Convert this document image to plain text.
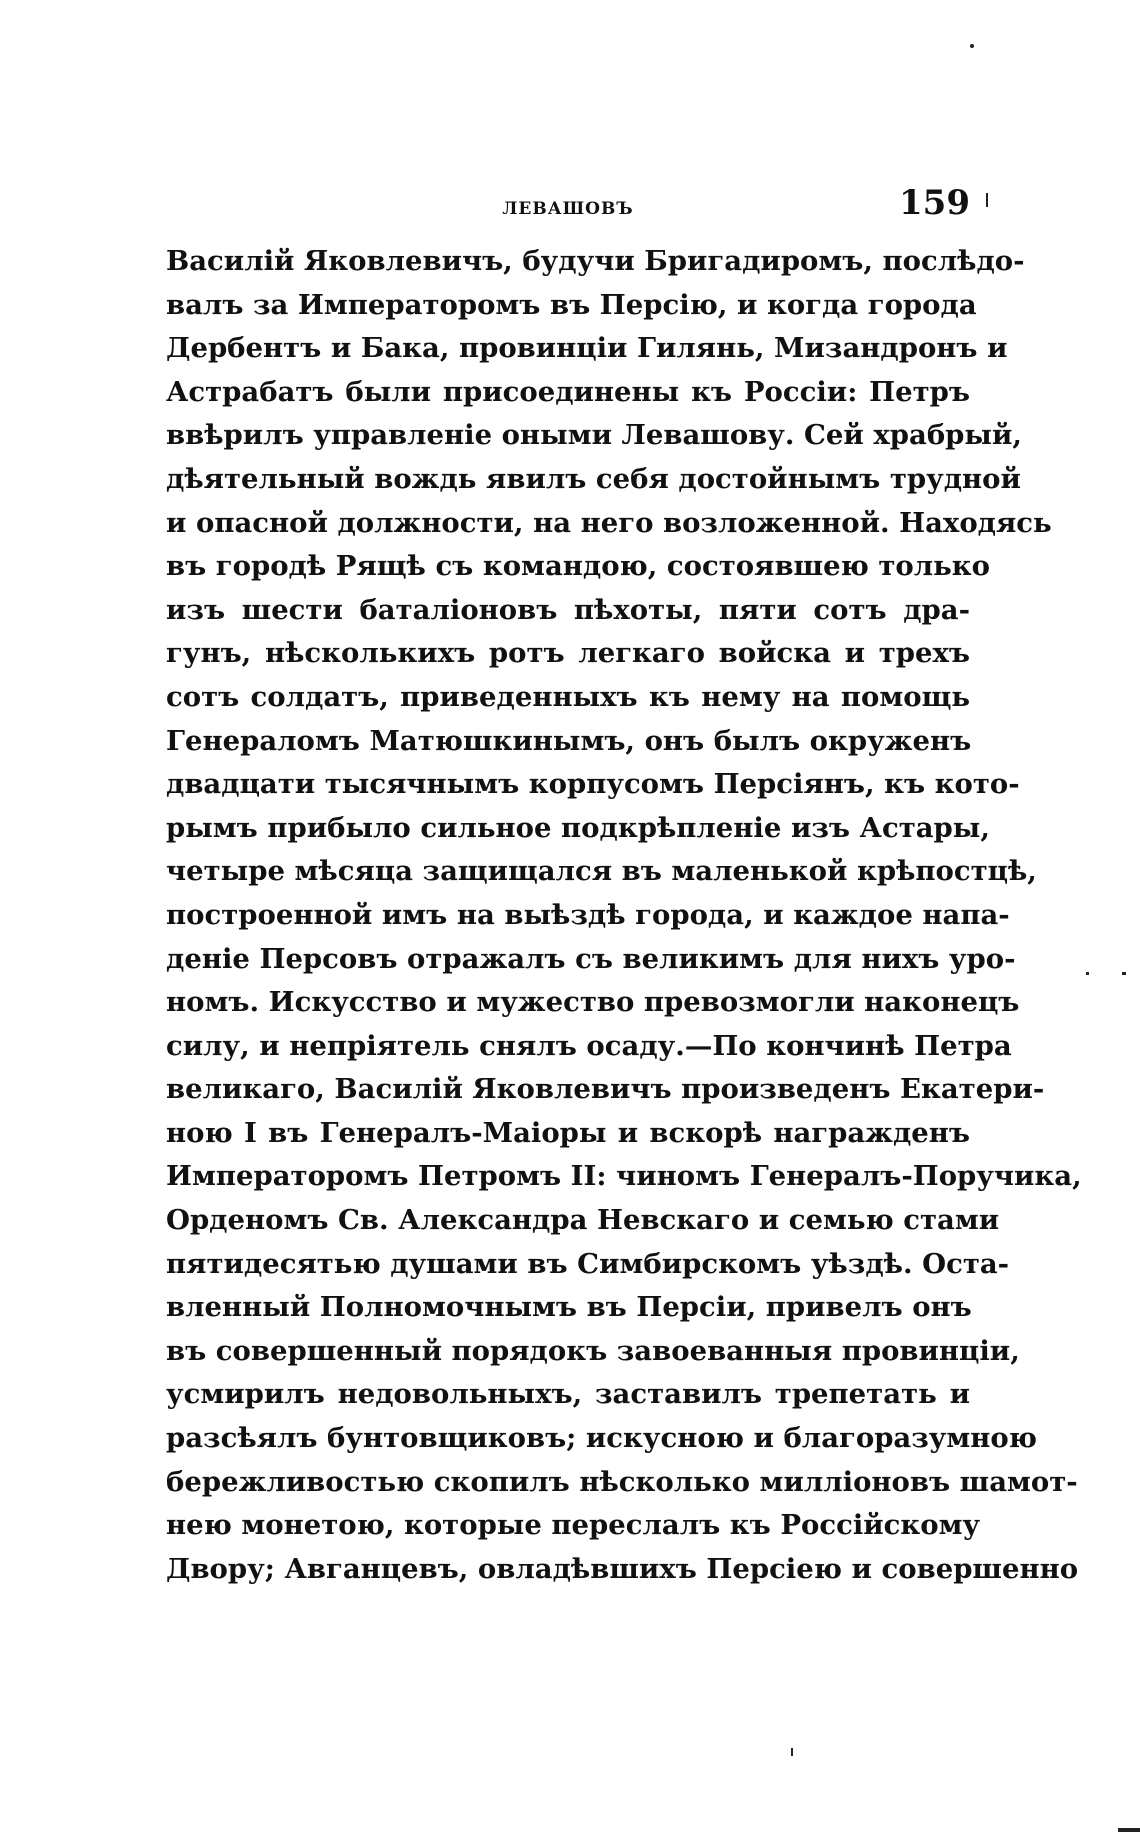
левашовъ	159
Василій Яковлевичъ, будучи Бригадиромъ, послѣдо-
валъ за Императоромъ въ Персію, и когда города
Дербентъ и Бака, провинціи Гилянь, Мизандронъ и
Астрабатъ были присоединены къ Россіи: Петръ
ввѣрилъ управленіе оными Левашову. Сей храбрый,
дѣятельный вождь явилъ себя достойнымъ трудной
и опасной должности, на него возложенной. Находясь
въ городѣ Рящѣ съ командою, состоявшею только
изъ шести баталіоновъ пѣхоты, пяти сотъ дра-
гунъ, нѣсколькихъ ротъ легкаго войска и трехъ
сотъ солдатъ, приведенныхъ къ нему на помощь
Генераломъ Матюшкинымъ, онъ былъ окруженъ
двадцати тысячнымъ корпусомъ Персіянъ, къ кото-
рымъ прибыло сильное подкрѣпленіе изъ Астары,
четыре мѣсяца защищался въ маленькой крѣпостцѣ,
построенной имъ на выѣздѣ города, и каждое напа-
деніе Персовъ отражалъ съ великимъ для нихъ уро-
номъ. Искусство и мужество превозмогли наконецъ
силу, и непріятель снялъ осаду.—По кончинѣ Петра
великаго, Василій Яковлевичъ произведенъ Екатери-
ною I въ Генералъ-Маіоры и вскорѣ награжденъ
Императоромъ Петромъ II: чиномъ Генералъ-Поручика,
Орденомъ Св. Александра Невскаго и семью стами
пятидесятью душами въ Симбирскомъ уѣздѣ. Оста-
вленный Полномочнымъ въ Персіи, привелъ онъ
въ совершенный порядокъ завоеванныя провинціи,
усмирилъ недовольныхъ, заставилъ трепетать и
разсѣялъ бунтовщиковъ; искусною и благоразумною
бережливостью скопилъ нѣсколько милліоновъ шамот-
нею монетою, которые переслалъ къ Россійскому
Двору; Авганцевъ, овладѣвшихъ Персіею и совершенно
